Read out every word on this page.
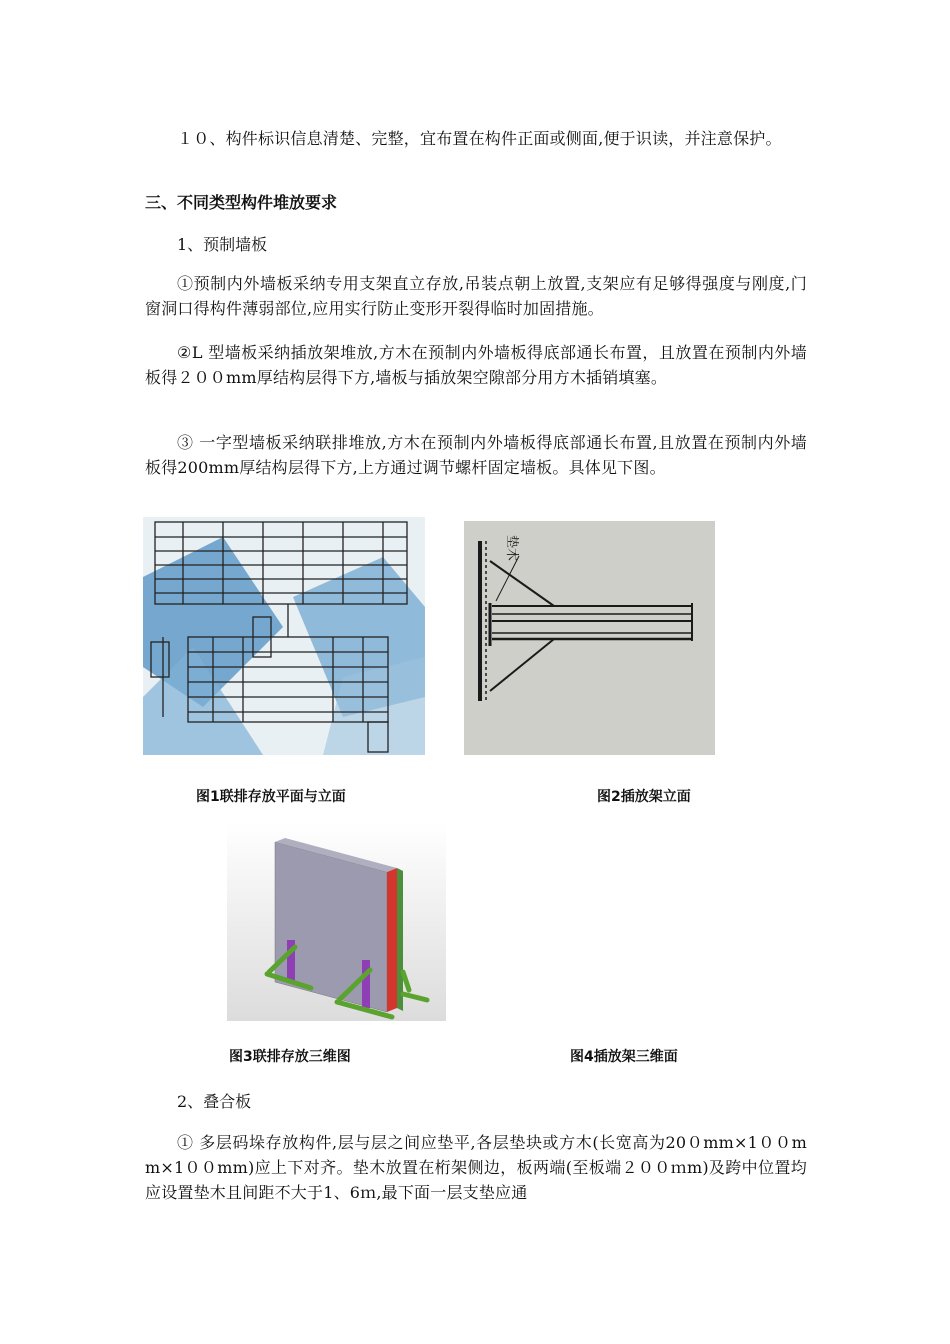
１０、构件标识信息清楚、完整，宜布置在构件正面或侧面,便于识读，并注意保护。

三、不同类型构件堆放要求

1、预制墙板

①预制内外墙板采纳专用支架直立存放,吊装点朝上放置,支架应有足够得强度与刚度,门窗洞口得构件薄弱部位,应用实行防止变形开裂得临时加固措施。

②L 型墙板采纳插放架堆放,方木在预制内外墙板得底部通长布置，且放置在预制内外墙板得２００mm厚结构层得下方,墙板与插放架空隙部分用方木插销填塞。

③ 一字型墙板采纳联排堆放,方木在预制内外墙板得底部通长布置,且放置在预制内外墙板得200mm厚结构层得下方,上方通过调节螺杆固定墙板。具体见下图。

垫木
图1联排存放平面与立面	图2插放架立面
图3联排存放三维图	图4插放架三维面

2、叠合板

① 多层码垛存放构件,层与层之间应垫平,各层垫块或方木(长宽高为20０mm×1００m m×1００mm)应上下对齐。垫木放置在桁架侧边，板两端(至板端２００ｍm)及跨中位置均应设置垫木且间距不大于1、6ｍ,最下面一层支垫应通
